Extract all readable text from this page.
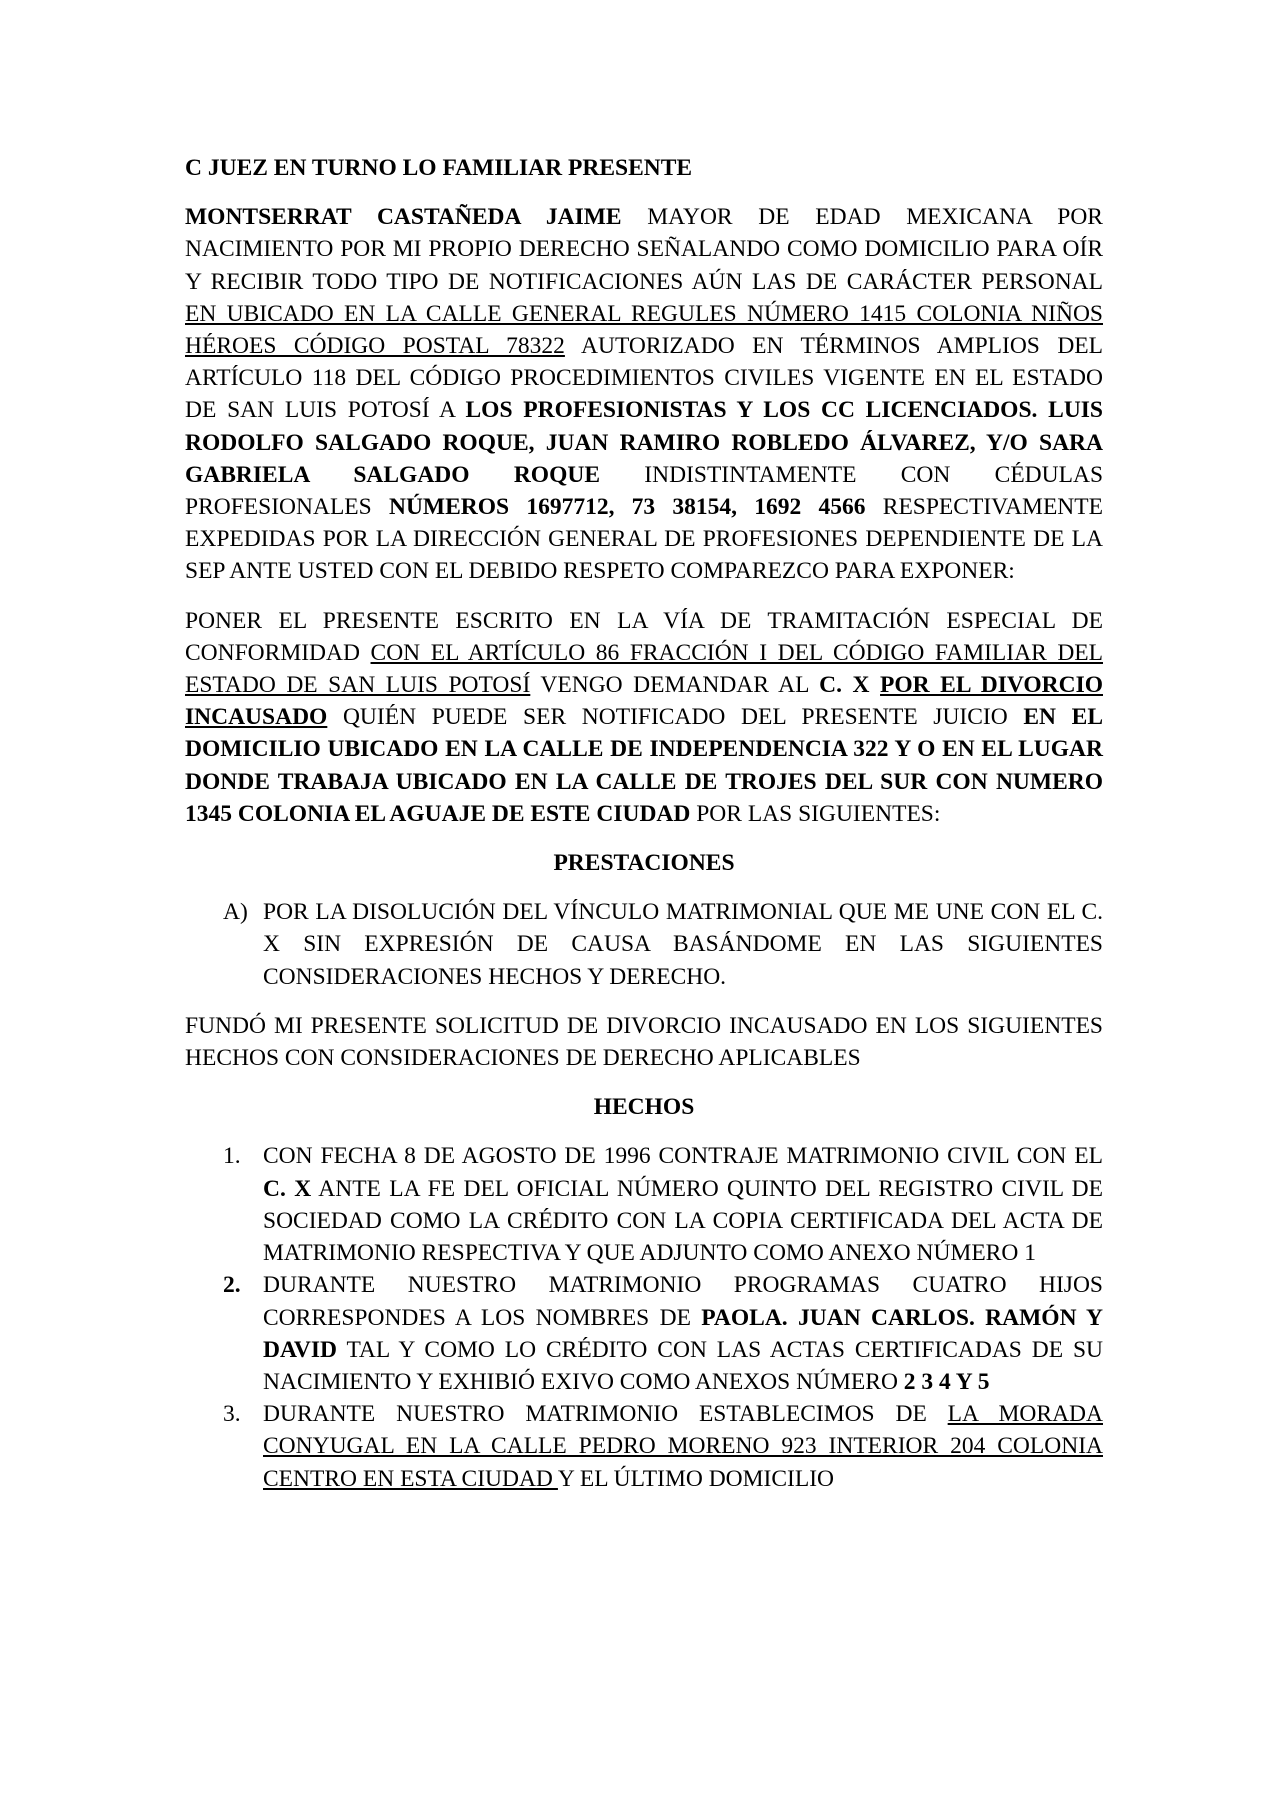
C JUEZ EN TURNO LO FAMILIAR PRESENTE

MONTSERRAT CASTAÑEDA JAIME MAYOR DE EDAD MEXICANA POR NACIMIENTO POR MI PROPIO DERECHO SEÑALANDO COMO DOMICILIO PARA OÍR Y RECIBIR TODO TIPO DE NOTIFICACIONES AÚN LAS DE CARÁCTER PERSONAL EN UBICADO EN LA CALLE GENERAL REGULES NÚMERO 1415 COLONIA NIÑOS HÉROES CÓDIGO POSTAL 78322 AUTORIZADO EN TÉRMINOS AMPLIOS DEL ARTÍCULO 118 DEL CÓDIGO PROCEDIMIENTOS CIVILES VIGENTE EN EL ESTADO DE SAN LUIS POTOSÍ A LOS PROFESIONISTAS Y LOS CC LICENCIADOS. LUIS RODOLFO SALGADO ROQUE, JUAN RAMIRO ROBLEDO ÁLVAREZ, Y/O SARA GABRIELA SALGADO ROQUE INDISTINTAMENTE CON CÉDULAS PROFESIONALES NÚMEROS 1697712, 73 38154, 1692 4566 RESPECTIVAMENTE EXPEDIDAS POR LA DIRECCIÓN GENERAL DE PROFESIONES DEPENDIENTE DE LA SEP ANTE USTED CON EL DEBIDO RESPETO COMPAREZCO PARA EXPONER:

PONER EL PRESENTE ESCRITO EN LA VÍA DE TRAMITACIÓN ESPECIAL DE CONFORMIDAD CON EL ARTÍCULO 86 FRACCIÓN I DEL CÓDIGO FAMILIAR DEL ESTADO DE SAN LUIS POTOSÍ VENGO DEMANDAR AL C. X POR EL DIVORCIO INCAUSADO QUIÉN PUEDE SER NOTIFICADO DEL PRESENTE JUICIO EN EL DOMICILIO UBICADO EN LA CALLE DE INDEPENDENCIA 322 Y O EN EL LUGAR DONDE TRABAJA UBICADO EN LA CALLE DE TROJES DEL SUR CON NUMERO 1345 COLONIA EL AGUAJE DE ESTE CIUDAD POR LAS SIGUIENTES:

PRESTACIONES

A) POR LA DISOLUCIÓN DEL VÍNCULO MATRIMONIAL QUE ME UNE CON EL C. X SIN EXPRESIÓN DE CAUSA BASÁNDOME EN LAS SIGUIENTES CONSIDERACIONES HECHOS Y DERECHO.

FUNDÓ MI PRESENTE SOLICITUD DE DIVORCIO INCAUSADO EN LOS SIGUIENTES HECHOS CON CONSIDERACIONES DE DERECHO APLICABLES

HECHOS

1. CON FECHA 8 DE AGOSTO DE 1996 CONTRAJE MATRIMONIO CIVIL CON EL C. X ANTE LA FE DEL OFICIAL NÚMERO QUINTO DEL REGISTRO CIVIL DE SOCIEDAD COMO LA CRÉDITO CON LA COPIA CERTIFICADA DEL ACTA DE MATRIMONIO RESPECTIVA Y QUE ADJUNTO COMO ANEXO NÚMERO 1
2. DURANTE NUESTRO MATRIMONIO PROGRAMAS CUATRO HIJOS CORRESPONDES A LOS NOMBRES DE PAOLA. JUAN CARLOS. RAMÓN Y DAVID TAL Y COMO LO CRÉDITO CON LAS ACTAS CERTIFICADAS DE SU NACIMIENTO Y EXHIBIÓ EXIVO COMO ANEXOS NÚMERO 2 3 4 Y 5
3. DURANTE NUESTRO MATRIMONIO ESTABLECIMOS DE LA MORADA CONYUGAL EN LA CALLE PEDRO MORENO 923 INTERIOR 204 COLONIA CENTRO EN ESTA CIUDAD Y EL ÚLTIMO DOMICILIO
